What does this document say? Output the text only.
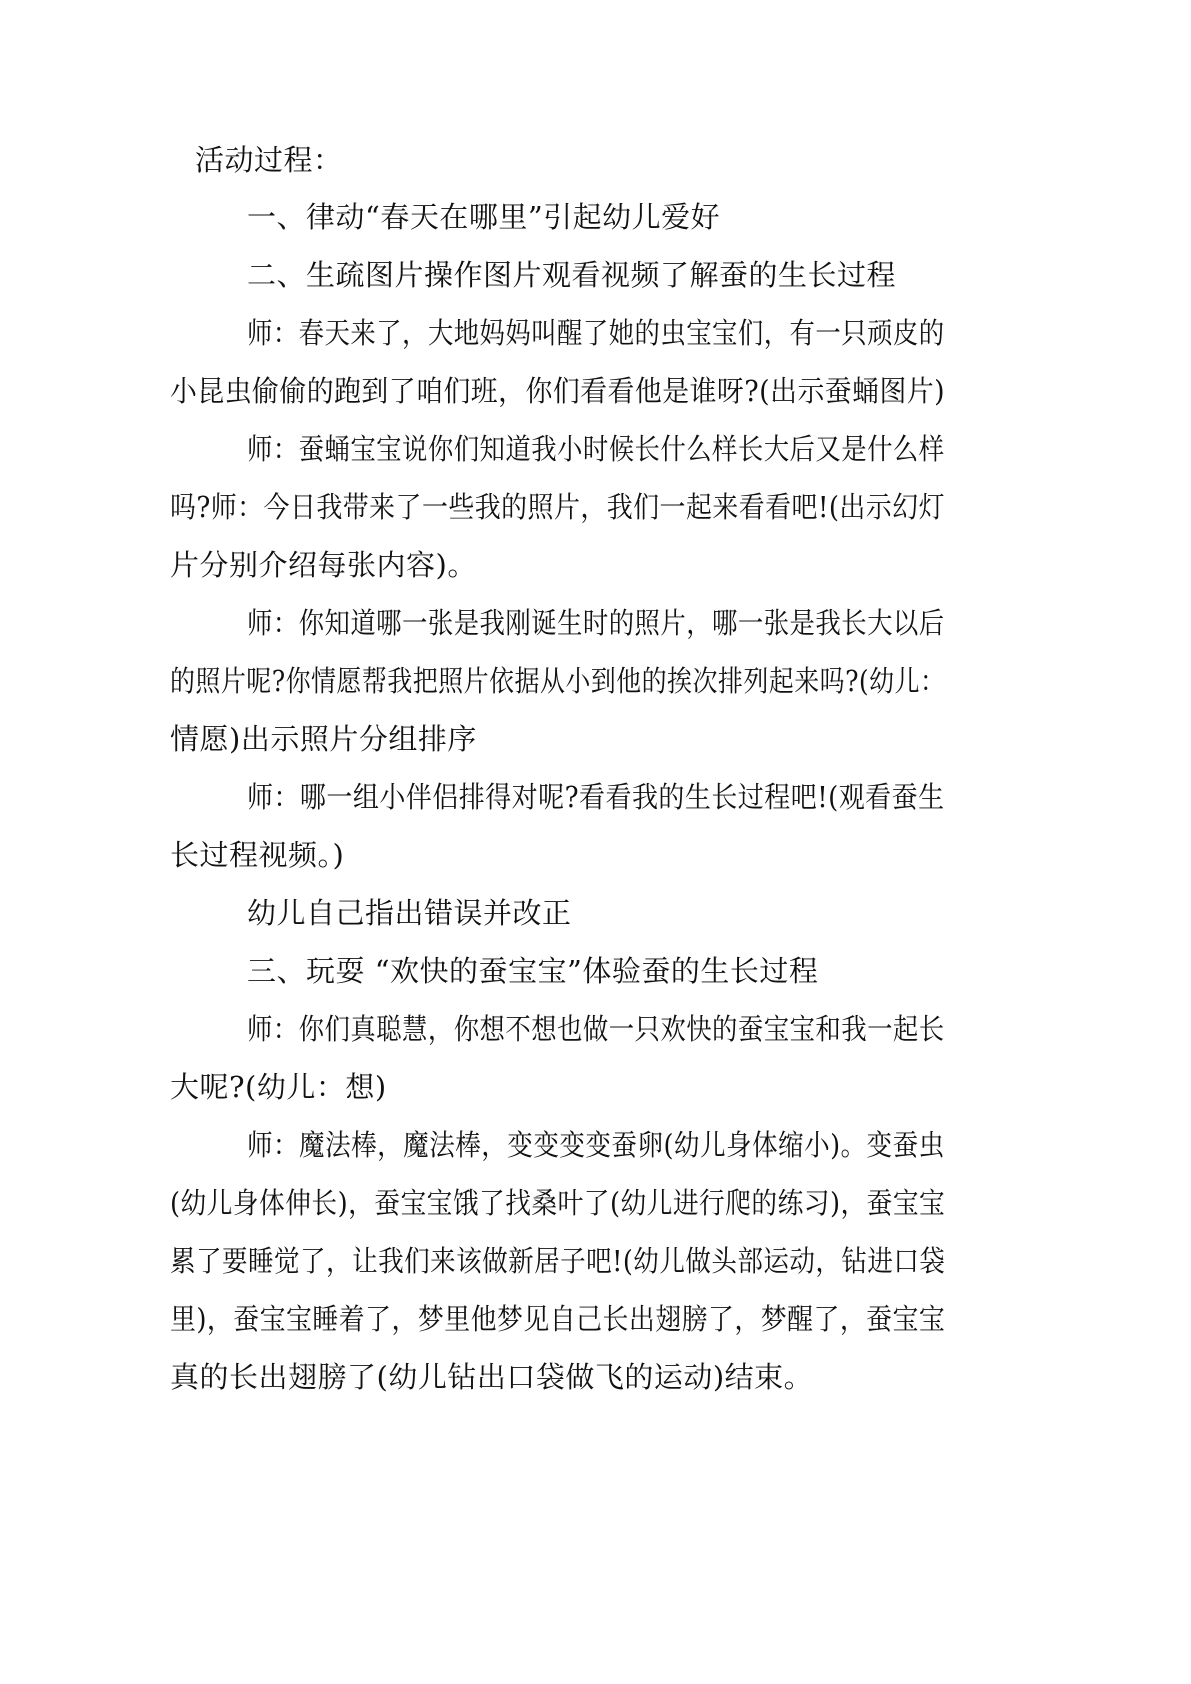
活动过程：
一、律动“春天在哪里”引起幼儿爱好
二、生疏图片操作图片观看视频了解蚕的生长过程
师：春天来了，大地妈妈叫醒了她的虫宝宝们，有一只顽皮的
小昆虫偷偷的跑到了咱们班，你们看看他是谁呀?(出示蚕蛹图片)
师：蚕蛹宝宝说你们知道我小时候长什么样长大后又是什么样
吗?师：今日我带来了一些我的照片，我们一起来看看吧!(出示幻灯
片分别介绍每张内容)。
师：你知道哪一张是我刚诞生时的照片，哪一张是我长大以后
的照片呢?你情愿帮我把照片依据从小到他的挨次排列起来吗?(幼儿：
情愿)出示照片分组排序
师：哪一组小伴侣排得对呢?看看我的生长过程吧!(观看蚕生
长过程视频。)
幼儿自己指出错误并改正
三、玩耍 “欢快的蚕宝宝”体验蚕的生长过程
师：你们真聪慧，你想不想也做一只欢快的蚕宝宝和我一起长
大呢?(幼儿：想)
师：魔法棒，魔法棒，变变变变蚕卵(幼儿身体缩小)。变蚕虫
(幼儿身体伸长)，蚕宝宝饿了找桑叶了(幼儿进行爬的练习)，蚕宝宝
累了要睡觉了，让我们来该做新居子吧!(幼儿做头部运动，钻进口袋
里)，蚕宝宝睡着了，梦里他梦见自己长出翅膀了，梦醒了，蚕宝宝
真的长出翅膀了(幼儿钻出口袋做飞的运动)结束。
